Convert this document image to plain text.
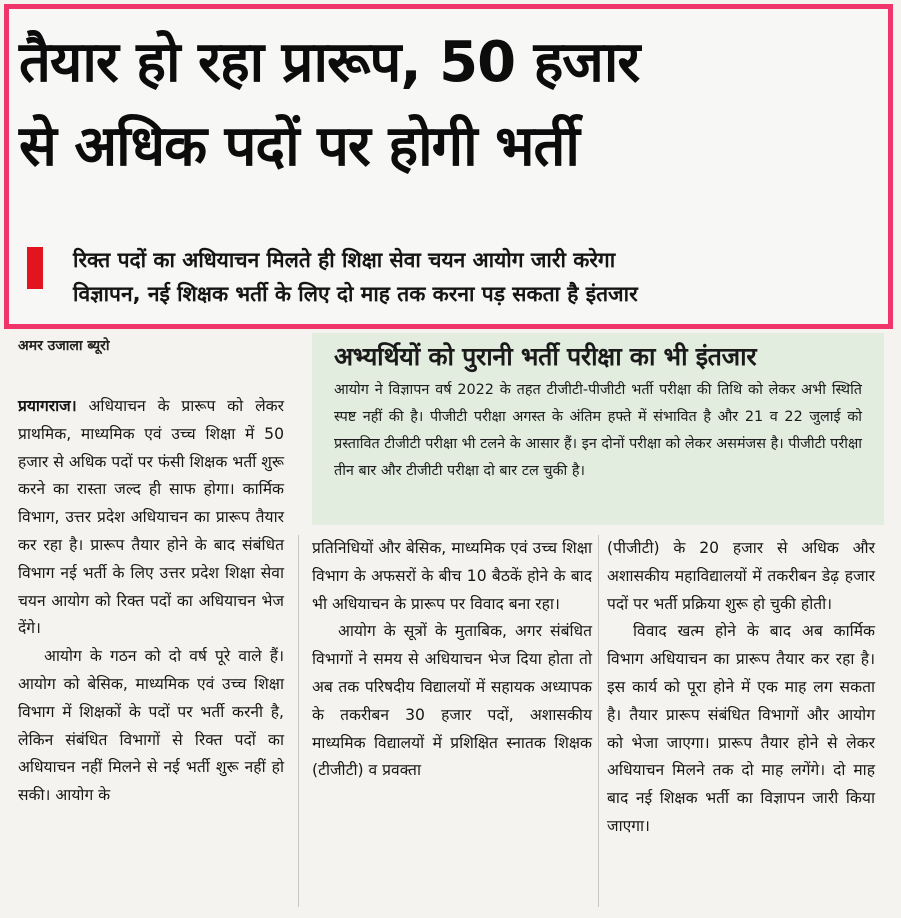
तैयार हो रहा प्रारूप, 50 हजार
से अधिक पदों पर होगी भर्ती
रिक्त पदों का अधियाचन मिलते ही शिक्षा सेवा चयन आयोग जारी करेगा
विज्ञापन, नई शिक्षक भर्ती के लिए दो माह तक करना पड़ सकता है इंतजार
अमर उजाला ब्यूरो	अभ्यर्थियों को पुरानी भर्ती परीक्षा का भी इंतजार
आयोग ने विज्ञापन वर्ष 2022 के तहत टीजीटी-पीजीटी भर्ती परीक्षा की तिथि को लेकर अभी स्थिति स्पष्ट नहीं की है। पीजीटी परीक्षा अगस्त के अंतिम हफ्ते में संभावित है और 21 व 22 जुलाई को प्रस्तावित टीजीटी परीक्षा भी टलने के आसार हैं। इन दोनों परीक्षा को लेकर असमंजस है। पीजीटी परीक्षा तीन बार और टीजीटी परीक्षा दो बार टल चुकी है।

प्रयागराज। अधियाचन के प्रारूप को लेकर प्राथमिक, माध्यमिक एवं उच्च शिक्षा में 50 हजार से अधिक पदों पर फंसी शिक्षक भर्ती शुरू करने का रास्ता जल्द ही साफ होगा। कार्मिक विभाग, उत्तर प्रदेश अधियाचन का प्रारूप तैयार कर रहा है। प्रारूप तैयार होने के बाद संबंधित विभाग नई भर्ती के लिए उत्तर प्रदेश शिक्षा सेवा चयन आयोग को रिक्त पदों का अधियाचन भेज देंगे।

आयोग के गठन को दो वर्ष पूरे वाले हैं। आयोग को बेसिक, माध्यमिक एवं उच्च शिक्षा विभाग में शिक्षकों के पदों पर भर्ती करनी है, लेकिन संबंधित विभागों से रिक्त पदों का अधियाचन नहीं मिलने से नई भर्ती शुरू नहीं हो सकी। आयोग के

प्रतिनिधियों और बेसिक, माध्यमिक एवं उच्च शिक्षा विभाग के अफसरों के बीच 10 बैठकें होने के बाद भी अधियाचन के प्रारूप पर विवाद बना रहा।

आयोग के सूत्रों के मुताबिक, अगर संबंधित विभागों ने समय से अधियाचन भेज दिया होता तो अब तक परिषदीय विद्यालयों में सहायक अध्यापक के तकरीबन 30 हजार पदों, अशासकीय माध्यमिक विद्यालयों में प्रशिक्षित स्नातक शिक्षक (टीजीटी) व प्रवक्ता

(पीजीटी) के 20 हजार से अधिक और अशासकीय महाविद्यालयों में तकरीबन डेढ़ हजार पदों पर भर्ती प्रक्रिया शुरू हो चुकी होती।

विवाद खत्म होने के बाद अब कार्मिक विभाग अधियाचन का प्रारूप तैयार कर रहा है। इस कार्य को पूरा होने में एक माह लग सकता है। तैयार प्रारूप संबंधित विभागों और आयोग को भेजा जाएगा। प्रारूप तैयार होने से लेकर अधियाचन मिलने तक दो माह लगेंगे। दो माह बाद नई शिक्षक भर्ती का विज्ञापन जारी किया जाएगा।
